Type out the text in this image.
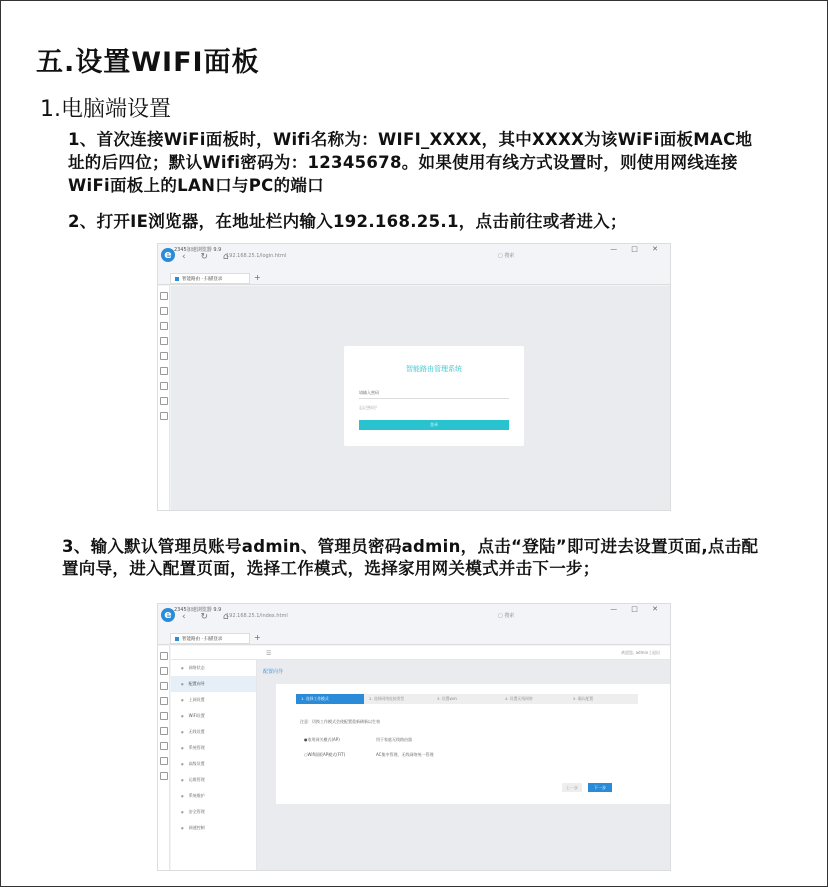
五.设置WIFI面板
1.电脑端设置
1、首次连接WiFi面板时，Wifi名称为：WIFI_XXXX，其中XXXX为该WiFi面板MAC地址的后四位；默认Wifi密码为：12345678。如果使用有线方式设置时，则使用网线连接WiFi面板上的LAN口与PC的端口
2、打开IE浏览器，在地址栏内输入192.168.25.1，点击前往或者进入；
e 2345加速浏览器 9.9	— □ ✕
‹ ↻ ⌂
192.168.25.1/login.html	▢ 搜索
智能路由 · 扫描登录	+
智能路由管理系统
请输入密码
忘记密码？
登录
3、输入默认管理员账号admin、管理员密码admin，点击“登陆”即可进去设置页面,点击配置向导，进入配置页面，选择工作模式，选择家用网关模式并击下一步；
e 2345加速浏览器 9.9	— □ ✕
‹ ↻ ⌂
192.168.25.1/index.html	▢ 搜索
智能路由 · 扫描登录	+
☰	欢迎您, admin | 退出
● 网络状态
● 配置向导
● 上网设置
● WiFi设置
● 无线设置
● 系统管理
● 高级设置
● 运维管理
● 系统维护
● 安全管理
● 网速控制
配置向导
1. 选择工作模式	2. 选择网络连接类型	3. 设置WiFi	4. 设置无线网络	5. 确认配置
注意：切换工作模式会使配置重新刷新以生效
●家用网关模式(AP)	用于家庭无线路由器
○Wifi面板AP模式(FIT)	AC集中管理，无线网络统一管理
上一步	下一步
